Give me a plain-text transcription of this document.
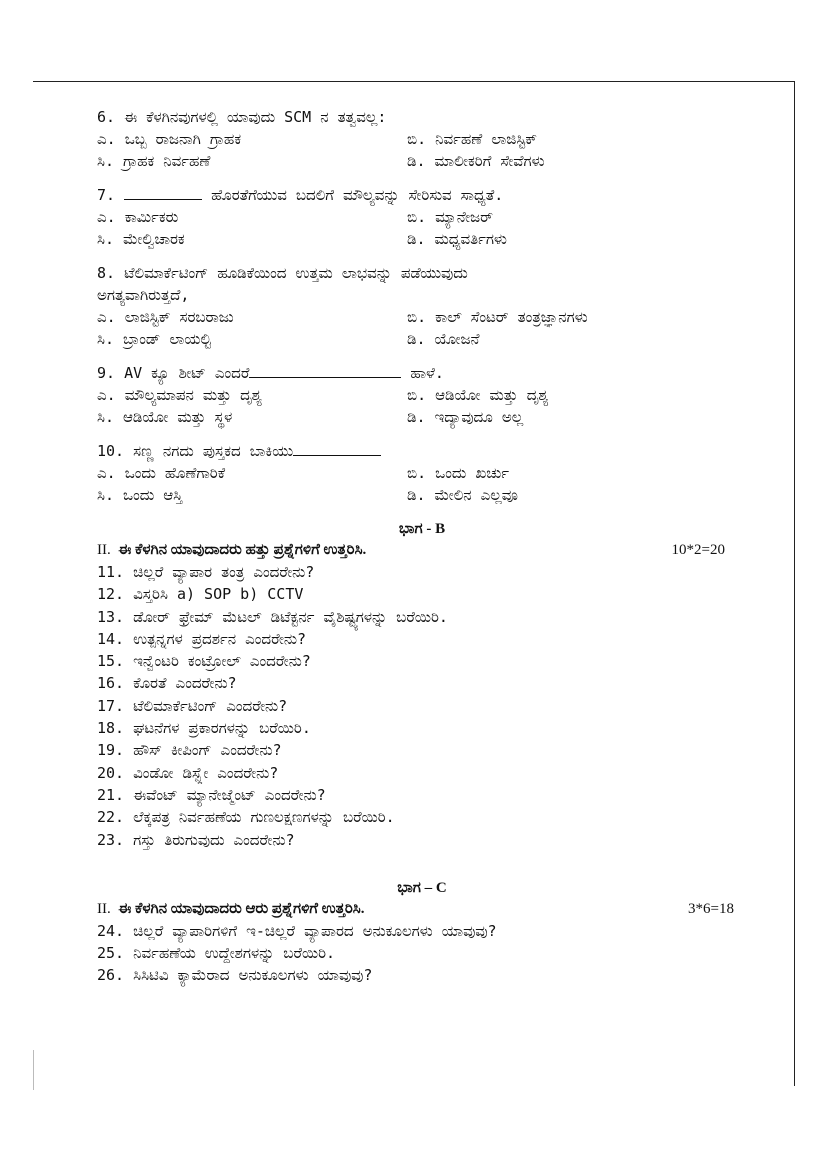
6. ಈ ಕೆಳಗಿನವುಗಳಲ್ಲಿ ಯಾವುದು SCM ನ ತತ್ವವಲ್ಲ:
ಎ. ಒಬ್ಬ ರಾಜನಾಗಿ ಗ್ರಾಹಕ	ಬಿ. ನಿರ್ವಹಣೆ ಲಾಜಿಸ್ಟಿಕ್
ಸಿ. ಗ್ರಾಹಕ ನಿರ್ವಹಣೆ	ಡಿ. ಮಾಲೀಕರಿಗೆ ಸೇವೆಗಳು
7.	ಹೊರತೆಗೆಯುವ ಬದಲಿಗೆ ಮೌಲ್ಯವನ್ನು ಸೇರಿಸುವ ಸಾಧ್ಯತೆ.
ಎ. ಕಾರ್ಮಿಕರು	ಬಿ. ಮ್ಯಾನೇಜರ್
ಸಿ. ಮೇಲ್ವಿಚಾರಕ	ಡಿ. ಮಧ್ಯವರ್ತಿಗಳು
8. ಟೆಲಿಮಾರ್ಕೆಟಿಂಗ್ ಹೂಡಿಕೆಯಿಂದ ಉತ್ತಮ ಲಾಭವನ್ನು ಪಡೆಯುವುದು
ಅಗತ್ಯವಾಗಿರುತ್ತದೆ,
ಎ. ಲಾಜಿಸ್ಟಿಕ್ ಸರಬರಾಜು	ಬಿ. ಕಾಲ್ ಸೆಂಟರ್ ತಂತ್ರಜ್ಞಾನಗಳು
ಸಿ. ಬ್ರಾಂಡ್ ಲಾಯಲ್ಟಿ	ಡಿ. ಯೋಜನೆ
9. AV ಕ್ಯೂ ಶೀಟ್ ಎಂದರೆ	ಹಾಳೆ.
ಎ. ಮೌಲ್ಯಮಾಪನ ಮತ್ತು ದೃಶ್ಯ	ಬಿ. ಆಡಿಯೋ ಮತ್ತು ದೃಶ್ಯ
ಸಿ. ಆಡಿಯೋ ಮತ್ತು ಸ್ಥಳ	ಡಿ. ಇದ್ಯಾವುದೂ ಅಲ್ಲ
10. ಸಣ್ಣ ನಗದು ಪುಸ್ತಕದ ಬಾಕಿಯು
ಎ. ಒಂದು ಹೊಣೆಗಾರಿಕೆ	ಬಿ. ಒಂದು ಖರ್ಚು
ಸಿ. ಒಂದು ಆಸ್ತಿ	ಡಿ. ಮೇಲಿನ ಎಲ್ಲವೂ
ಭಾಗ - B
II. ಈ ಕೆಳಗಿನ ಯಾವುದಾದರು ಹತ್ತು ಪ್ರಶ್ನೆಗಳಿಗೆ ಉತ್ತರಿಸಿ.	10*2=20
11. ಚಿಲ್ಲರೆ ವ್ಯಾಪಾರ ತಂತ್ರ ಎಂದರೇನು?
12. ವಿಸ್ತರಿಸಿ a) SOP b) CCTV
13. ಡೋರ್ ಫ್ರೇಮ್ ಮೆಟಲ್ ಡಿಟೆಕ್ಟರ್ನ ವೈಶಿಷ್ಟ್ಯಗಳನ್ನು ಬರೆಯಿರಿ.
14. ಉತ್ಪನ್ನಗಳ ಪ್ರದರ್ಶನ ಎಂದರೇನು?
15. ಇನ್ವೆಂಟರಿ ಕಂಟ್ರೋಲ್ ಎಂದರೇನು?
16. ಕೊರತೆ ಎಂದರೇನು?
17. ಟೆಲಿಮಾರ್ಕೆಟಿಂಗ್ ಎಂದರೇನು?
18. ಘಟನೆಗಳ ಪ್ರಕಾರಗಳನ್ನು ಬರೆಯಿರಿ.
19. ಹೌಸ್ ಕೀಪಿಂಗ್ ಎಂದರೇನು?
20. ವಿಂಡೋ ಡಿಸ್ಪ್ಲೇ ಎಂದರೇನು?
21. ಈವೆಂಟ್ ಮ್ಯಾನೇಜ್ಮೆಂಟ್ ಎಂದರೇನು?
22. ಲೆಕ್ಕಪತ್ರ ನಿರ್ವಹಣೆಯ ಗುಣಲಕ್ಷಣಗಳನ್ನು ಬರೆಯಿರಿ.
23. ಗಸ್ತು ತಿರುಗುವುದು ಎಂದರೇನು?
ಭಾಗ – C
II. ಈ ಕೆಳಗಿನ ಯಾವುದಾದರು ಆರು ಪ್ರಶ್ನೆಗಳಿಗೆ ಉತ್ತರಿಸಿ.	3*6=18
24. ಚಿಲ್ಲರೆ ವ್ಯಾಪಾರಿಗಳಿಗೆ ಇ-ಚಿಲ್ಲರೆ ವ್ಯಾಪಾರದ ಅನುಕೂಲಗಳು ಯಾವುವು?
25. ನಿರ್ವಹಣೆಯ ಉದ್ದೇಶಗಳನ್ನು ಬರೆಯಿರಿ.
26. ಸಿಸಿಟಿವಿ ಕ್ಯಾಮೆರಾದ ಅನುಕೂಲಗಳು ಯಾವುವು?
